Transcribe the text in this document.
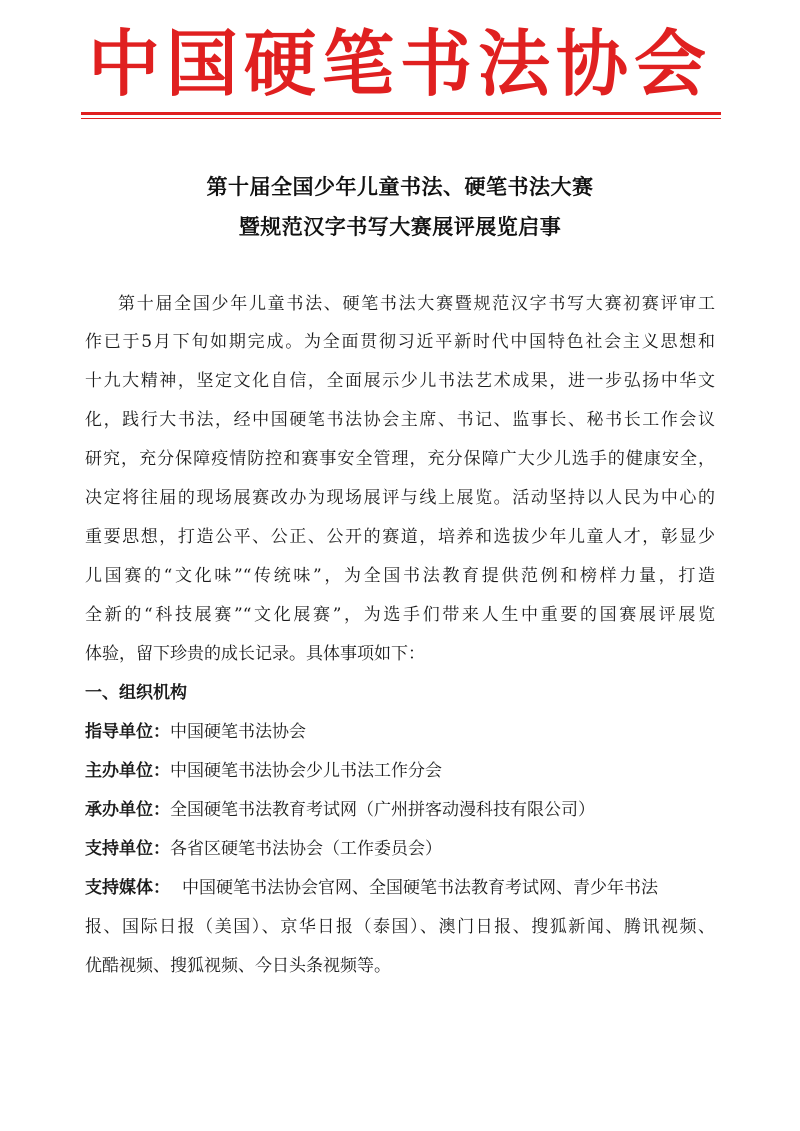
中国硬笔书法协会
第十届全国少年儿童书法、硬笔书法大赛
暨规范汉字书写大赛展评展览启事
第十届全国少年儿童书法、硬笔书法大赛暨规范汉字书写大赛初赛评审工
作已于5月下旬如期完成。为全面贯彻习近平新时代中国特色社会主义思想和
十九大精神，坚定文化自信，全面展示少儿书法艺术成果，进一步弘扬中华文
化，践行大书法，经中国硬笔书法协会主席、书记、监事长、秘书长工作会议
研究，充分保障疫情防控和赛事安全管理，充分保障广大少儿选手的健康安全，
决定将往届的现场展赛改办为现场展评与线上展览。活动坚持以人民为中心的
重要思想，打造公平、公正、公开的赛道，培养和选拔少年儿童人才，彰显少
儿国赛的“文化味”“传统味”，为全国书法教育提供范例和榜样力量，打造
全新的“科技展赛”“文化展赛”，为选手们带来人生中重要的国赛展评展览
体验，留下珍贵的成长记录。具体事项如下：
一、组织机构
指导单位：中国硬笔书法协会
主办单位：中国硬笔书法协会少儿书法工作分会
承办单位：全国硬笔书法教育考试网（广州拼客动漫科技有限公司）
支持单位：各省区硬笔书法协会（工作委员会）
支持媒体： 中国硬笔书法协会官网、全国硬笔书法教育考试网、青少年书法
报、国际日报（美国）、京华日报（泰国）、澳门日报、搜狐新闻、腾讯视频、
优酷视频、搜狐视频、今日头条视频等。
